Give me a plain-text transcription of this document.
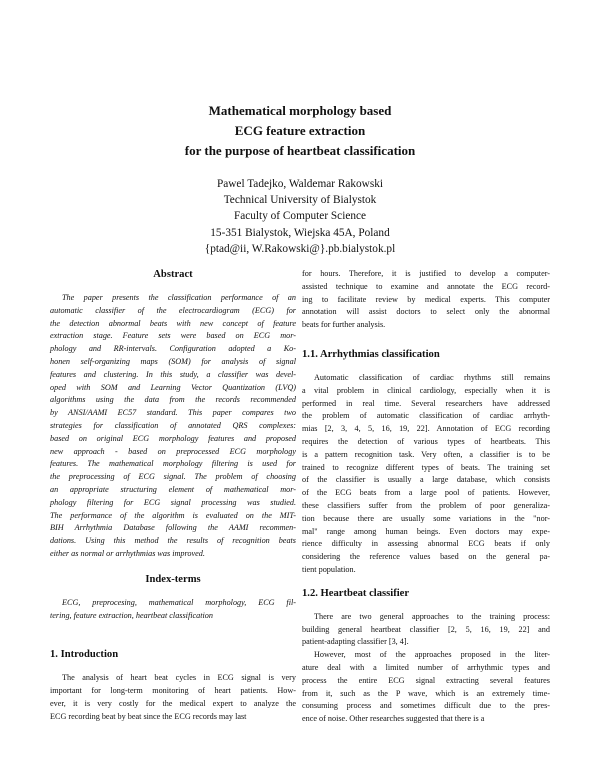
Mathematical morphology based
ECG feature extraction
for the purpose of heartbeat classification
Pawel Tadejko, Waldemar Rakowski
Technical University of Bialystok
Faculty of Computer Science
15-351 Bialystok, Wiejska 45A, Poland
{ptad@ii, W.Rakowski@}.pb.bialystok.pl
Abstract
The paper presents the classification performance of an
automatic classifier of the electrocardiogram (ECG) for
the detection abnormal beats with new concept of feature
extraction stage. Feature sets were based on ECG mor-
phology and RR-intervals. Configuration adopted a Ko-
honen self-organizing maps (SOM) for analysis of signal
features and clustering. In this study, a classifier was devel-
oped with SOM and Learning Vector Quantization (LVQ)
algorithms using the data from the records recommended
by ANSI/AAMI EC57 standard. This paper compares two
strategies for classification of annotated QRS complexes:
based on original ECG morphology features and proposed
new approach - based on preprocessed ECG morphology
features. The mathematical morphology filtering is used for
the preprocessing of ECG signal. The problem of choosing
an appropriate structuring element of mathematical mor-
phology filtering for ECG signal processing was studied.
The performance of the algorithm is evaluated on the MIT-
BIH Arrhythmia Database following the AAMI recommen-
dations. Using this method the results of recognition beats
either as normal or arrhythmias was improved.
Index-terms
ECG, preprocesing, mathematical morphology, ECG fil-
tering, feature extraction, heartbeat classification
1. Introduction
The analysis of heart beat cycles in ECG signal is very
important for long-term monitoring of heart patients. How-
ever, it is very costly for the medical expert to analyze the
ECG recording beat by beat since the ECG records may last
for hours. Therefore, it is justified to develop a computer-
assisted technique to examine and annotate the ECG record-
ing to facilitate review by medical experts. This computer
annotation will assist doctors to select only the abnormal
beats for further analysis.
1.1. Arrhythmias classification
Automatic classification of cardiac rhythms still remains
a vital problem in clinical cardiology, especially when it is
performed in real time. Several researchers have addressed
the problem of automatic classification of cardiac arrhyth-
mias [2, 3, 4, 5, 16, 19, 22]. Annotation of ECG recording
requires the detection of various types of heartbeats. This
is a pattern recognition task. Very often, a classifier is to be
trained to recognize different types of beats. The training set
of the classifier is usually a large database, which consists
of the ECG beats from a large pool of patients. However,
these classifiers suffer from the problem of poor generaliza-
tion because there are usually some variations in the "nor-
mal" range among human beings. Even doctors may expe-
rience difficulty in assessing abnormal ECG beats if only
considering the reference values based on the general pa-
tient population.
1.2. Heartbeat classifier
There are two general approaches to the training process:
building general heartbeat classifier [2, 5, 16, 19, 22] and
patient-adapting classifier [3, 4].
However, most of the approaches proposed in the liter-
ature deal with a limited number of arrhythmic types and
process the entire ECG signal extracting several features
from it, such as the P wave, which is an extremely time-
consuming process and sometimes difficult due to the pres-
ence of noise. Other researches suggested that there is a
